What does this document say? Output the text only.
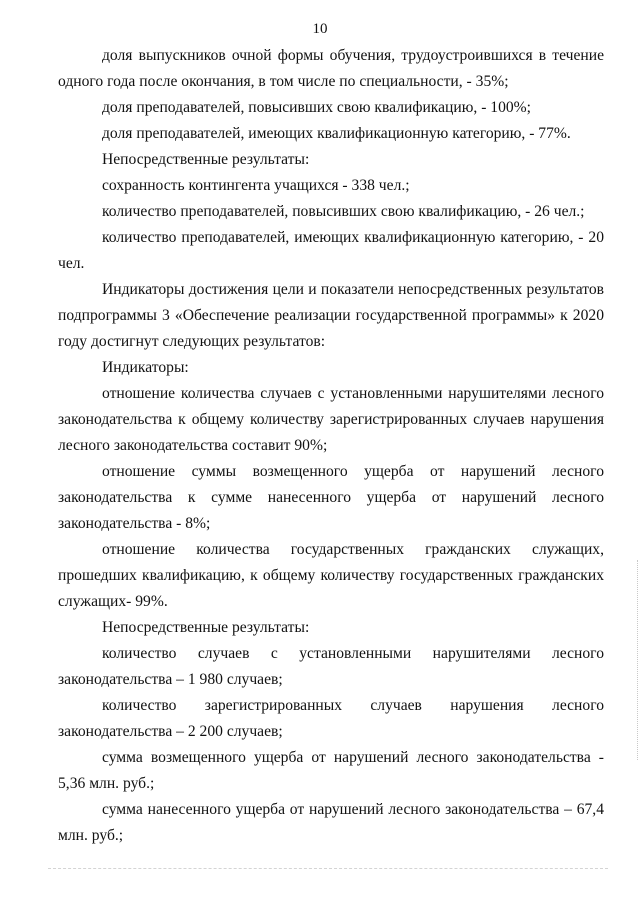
10

доля выпускников очной формы обучения, трудоустроившихся в течение одного года после окончания, в том числе по специальности, - 35%;

доля преподавателей, повысивших свою квалификацию, - 100%;

доля преподавателей, имеющих квалификационную категорию, - 77%.

Непосредственные результаты:

сохранность контингента учащихся - 338 чел.;

количество преподавателей, повысивших свою квалификацию, - 26 чел.;

количество преподавателей, имеющих квалификационную категорию, - 20 чел.

Индикаторы достижения цели и показатели непосредственных результатов подпрограммы 3 «Обеспечение реализации государственной программы» к 2020 году достигнут следующих результатов:

Индикаторы:

отношение количества случаев с установленными нарушителями лесного законодательства к общему количеству зарегистрированных случаев нарушения лесного законодательства составит 90%;

отношение суммы возмещенного ущерба от нарушений лесного законодательства к сумме нанесенного ущерба от нарушений лесного законодательства - 8%;

отношение количества государственных гражданских служащих, прошедших квалификацию, к общему количеству государственных гражданских служащих- 99%.

Непосредственные результаты:

количество случаев с установленными нарушителями лесного законодательства – 1 980 случаев;

количество зарегистрированных случаев нарушения лесного законодательства – 2 200 случаев;

сумма возмещенного ущерба от нарушений лесного законодательства - 5,36 млн. руб.;

сумма нанесенного ущерба от нарушений лесного законодательства – 67,4 млн. руб.;
